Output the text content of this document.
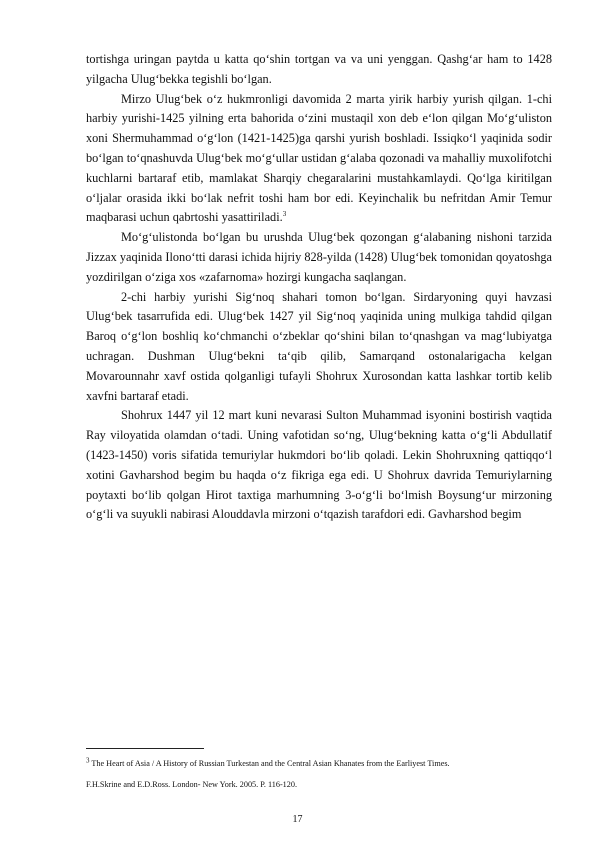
tortishga uringan paytda u katta qo‘shin tortgan va va uni yenggan. Qashg‘ar ham to 1428 yilgacha Ulug‘bekka tegishli bo‘lgan.

Mirzo Ulug‘bek o‘z hukmronligi davomida 2 marta yirik harbiy yurish qilgan. 1-chi harbiy yurishi-1425 yilning erta bahorida o‘zini mustaqil xon deb e‘lon qilgan Mo‘g‘uliston xoni Shermuhammad o‘g‘lon (1421-1425)ga qarshi yurish boshladi. Issiqko‘l yaqinida sodir bo‘lgan to‘qnashuvda Ulug‘bek mo‘g‘ullar ustidan g‘alaba qozonadi va mahalliy muxolifotchi kuchlarni bartaraf etib, mamlakat Sharqiy chegaralarini mustahkamlaydi. Qo‘lga kiritilgan o‘ljalar orasida ikki bo‘lak nefrit toshi ham bor edi. Keyinchalik bu nefritdan Amir Temur maqbarasi uchun qabrtoshi yasattiriladi.$^3$

Mo‘g‘ulistonda bo‘lgan bu urushda Ulug‘bek qozongan g‘alabaning nishoni tarzida Jizzax yaqinida Ilono‘tti darasi ichida hijriy 828-yilda (1428) Ulug‘bek tomonidan qoyatoshga yozdirilgan o‘ziga xos «zafarnoma» hozirgi kungacha saqlangan.

2-chi harbiy yurishi Sig‘noq shahari tomon bo‘lgan. Sirdaryoning quyi havzasi Ulug‘bek tasarrufida edi. Ulug‘bek 1427 yil Sig‘noq yaqinida uning mulkiga tahdid qilgan Baroq o‘g‘lon boshliq ko‘chmanchi o‘zbeklar qo‘shini bilan to‘qnashgan va mag‘lubiyatga uchragan. Dushman Ulug‘bekni ta‘qib qilib, Samarqand ostonalarigacha kelgan Movarounnahr xavf ostida qolganligi tufayli Shohrux Xurosondan katta lashkar tortib kelib xavfni bartaraf etadi.

Shohrux 1447 yil 12 mart kuni nevarasi Sulton Muhammad isyonini bostirish vaqtida Ray viloyatida olamdan o‘tadi. Uning vafotidan so‘ng, Ulug‘bekning katta o‘g‘li Abdullatif (1423-1450) voris sifatida temuriylar hukmdori bo‘lib qoladi. Lekin Shohruxning qattiqqo‘l xotini Gavharshod begim bu haqda o‘z fikriga ega edi. U Shohrux davrida Temuriylarning poytaxti bo‘lib qolgan Hirot taxtiga marhumning 3-o‘g‘li bo‘lmish Boysung‘ur mirzoning o‘g‘li va suyukli nabirasi Alouddavla mirzoni o‘tqazish tarafdori edi. Gavharshod begim

$^3$ The Heart of Asia / A History of Russian Turkestan and the Central Asian Khanates from the Earliyest Times.

F.H.Skrine and E.D.Ross. London- New York. 2005. P. 116-120.

17
